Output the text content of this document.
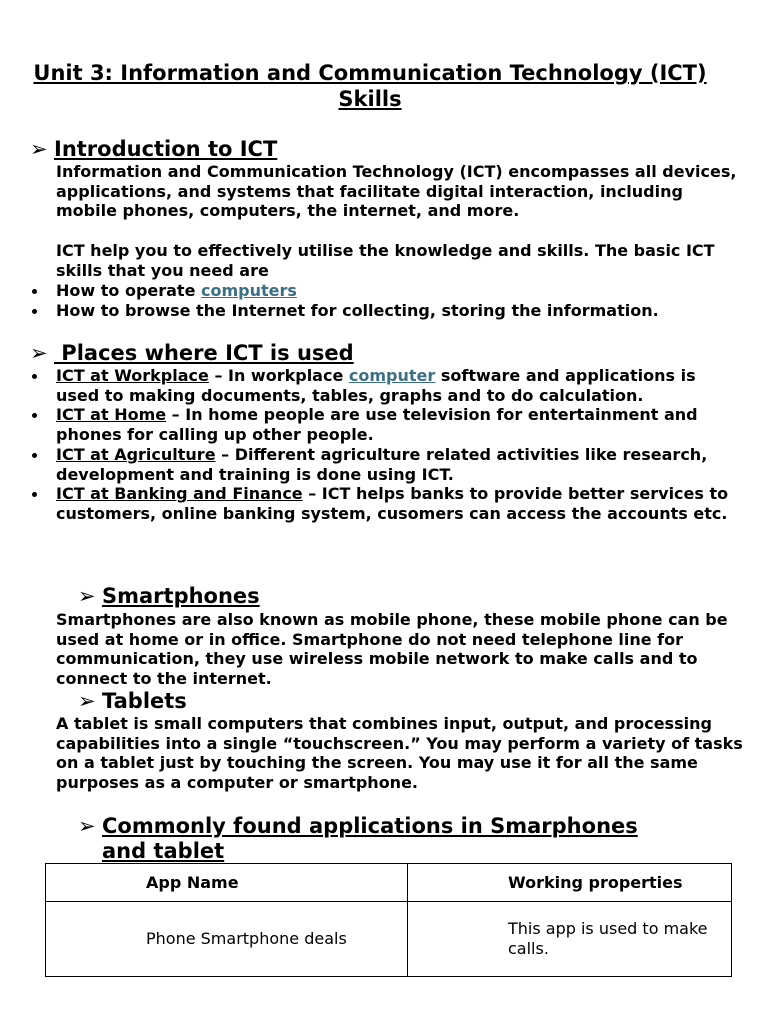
Unit 3: Information and Communication Technology (ICT) Skills
➢ Introduction to ICT
Information and Communication Technology (ICT) encompasses all devices, applications, and systems that facilitate digital interaction, including mobile phones, computers, the internet, and more.
ICT help you to effectively utilise the knowledge and skills. The basic ICT skills that you need are
How to operate computers
How to browse the Internet for collecting, storing the information.
➢ Places where ICT is used
ICT at Workplace – In workplace computer software and applications is used to making documents, tables, graphs and to do calculation.
ICT at Home – In home people are use television for entertainment and phones for calling up other people.
ICT at Agriculture – Different agriculture related activities like research, development and training is done using ICT.
ICT at Banking and Finance – ICT helps banks to provide better services to customers, online banking system, cusomers can access the accounts etc.
➢ Smartphones
Smartphones are also known as mobile phone, these mobile phone can be used at home or in office. Smartphone do not need telephone line for communication, they use wireless mobile network to make calls and to connect to the internet.
➢ Tablets
A tablet is small computers that combines input, output, and processing capabilities into a single “touchscreen.” You may perform a variety of tasks on a tablet just by touching the screen. You may use it for all the same purposes as a computer or smartphone.
➢ Commonly found applications in Smarphones
and tablet
App Name	Working properties
Phone Smartphone deals	This app is used to make calls.
